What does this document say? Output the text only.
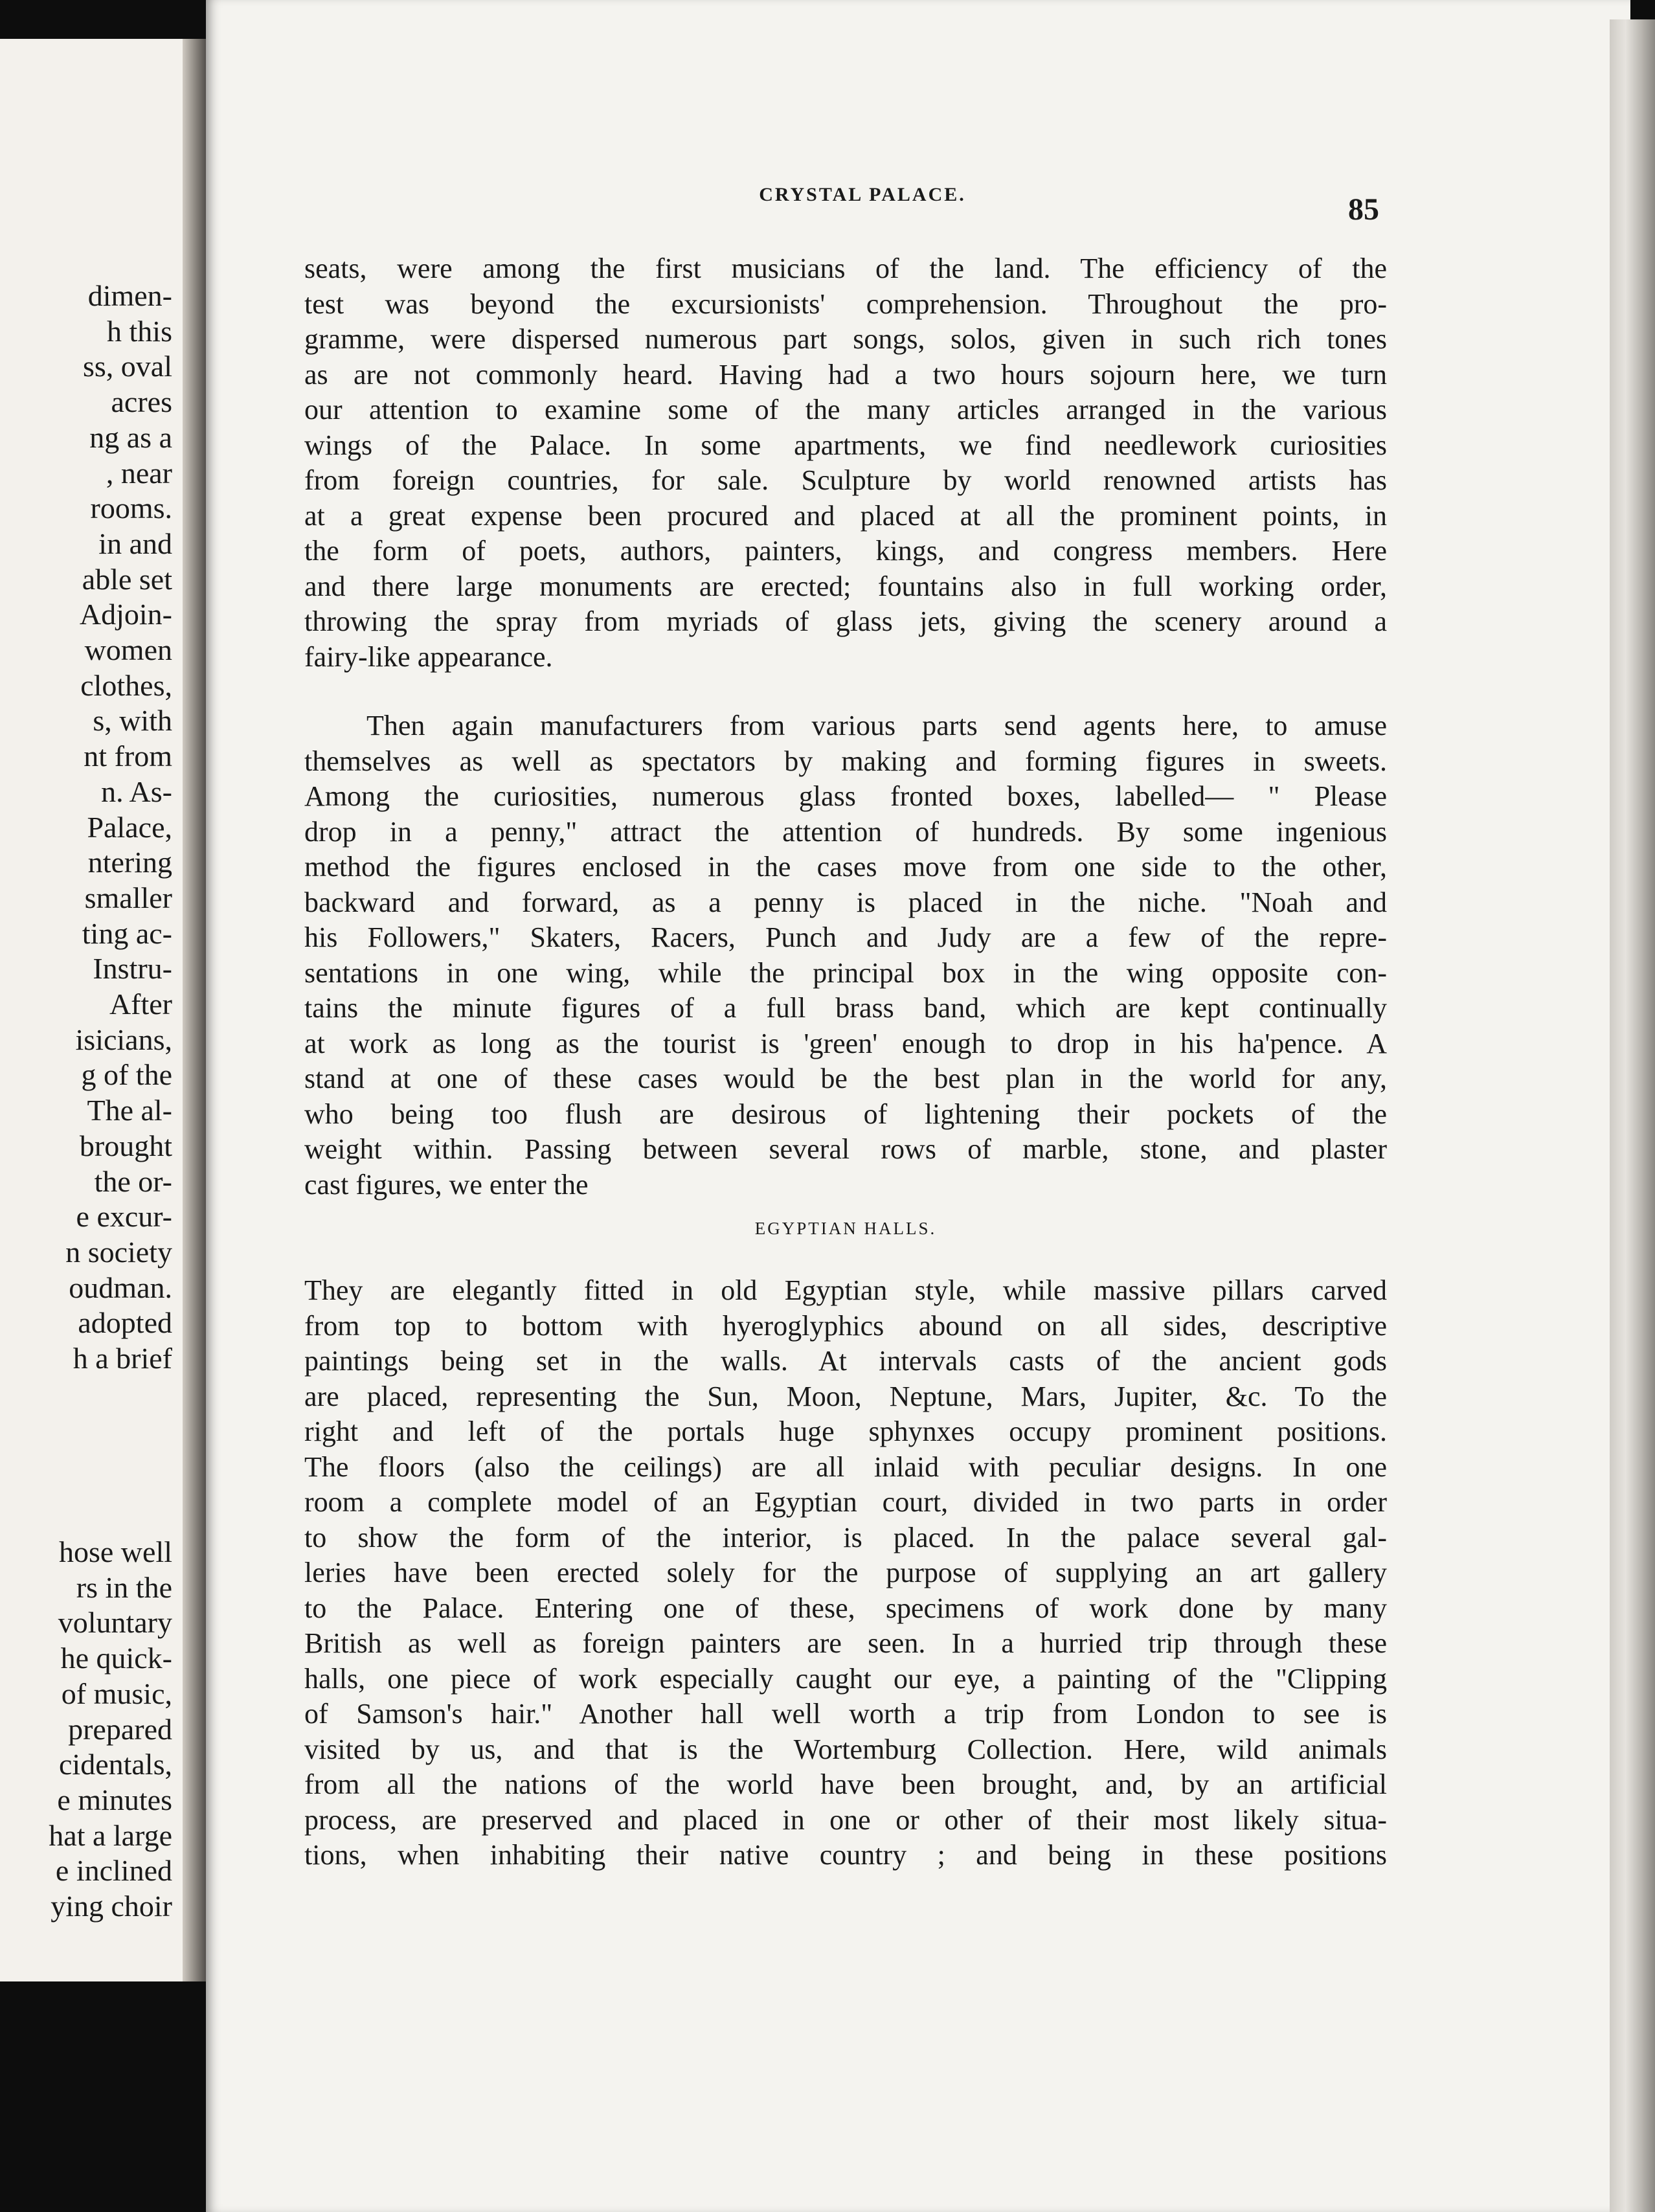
dimen-
h this
ss, oval
acres
ng as a
, near
rooms.
in and
able set
Adjoin-
women
clothes,
s, with
nt from
n. As-
Palace,
ntering
smaller
ting ac-
Instru-
After
isicians,
g of the
The al-
brought
the or-
e excur-
n society
oudman.
adopted
h a brief
hose well
rs in the
voluntary
he quick-
of music,
prepared
cidentals,
e minutes
hat a large
e inclined
ying choir
CRYSTAL PALACE.	85
seats, were among the first musicians of the land. The efficiency of the
test was beyond the excursionists' comprehension. Throughout the pro-
gramme, were dispersed numerous part songs, solos, given in such rich tones
as are not commonly heard. Having had a two hours sojourn here, we turn
our attention to examine some of the many articles arranged in the various
wings of the Palace. In some apartments, we find needlework curiosities
from foreign countries, for sale. Sculpture by world renowned artists has
at a great expense been procured and placed at all the prominent points, in
the form of poets, authors, painters, kings, and congress members. Here
and there large monuments are erected; fountains also in full working order,
throwing the spray from myriads of glass jets, giving the scenery around a
fairy-like appearance.
Then again manufacturers from various parts send agents here, to amuse
themselves as well as spectators by making and forming figures in sweets.
Among the curiosities, numerous glass fronted boxes, labelled— " Please
drop in a penny," attract the attention of hundreds. By some ingenious
method the figures enclosed in the cases move from one side to the other,
backward and forward, as a penny is placed in the niche. "Noah and
his Followers," Skaters, Racers, Punch and Judy are a few of the repre-
sentations in one wing, while the principal box in the wing opposite con-
tains the minute figures of a full brass band, which are kept continually
at work as long as the tourist is 'green' enough to drop in his ha'pence. A
stand at one of these cases would be the best plan in the world for any,
who being too flush are desirous of lightening their pockets of the
weight within. Passing between several rows of marble, stone, and plaster
cast figures, we enter the
EGYPTIAN HALLS.
They are elegantly fitted in old Egyptian style, while massive pillars carved
from top to bottom with hyeroglyphics abound on all sides, descriptive
paintings being set in the walls. At intervals casts of the ancient gods
are placed, representing the Sun, Moon, Neptune, Mars, Jupiter, &c. To the
right and left of the portals huge sphynxes occupy prominent positions.
The floors (also the ceilings) are all inlaid with peculiar designs. In one
room a complete model of an Egyptian court, divided in two parts in order
to show the form of the interior, is placed. In the palace several gal-
leries have been erected solely for the purpose of supplying an art gallery
to the Palace. Entering one of these, specimens of work done by many
British as well as foreign painters are seen. In a hurried trip through these
halls, one piece of work especially caught our eye, a painting of the "Clipping
of Samson's hair." Another hall well worth a trip from London to see is
visited by us, and that is the Wortemburg Collection. Here, wild animals
from all the nations of the world have been brought, and, by an artificial
process, are preserved and placed in one or other of their most likely situa-
tions, when inhabiting their native country ; and being in these positions
